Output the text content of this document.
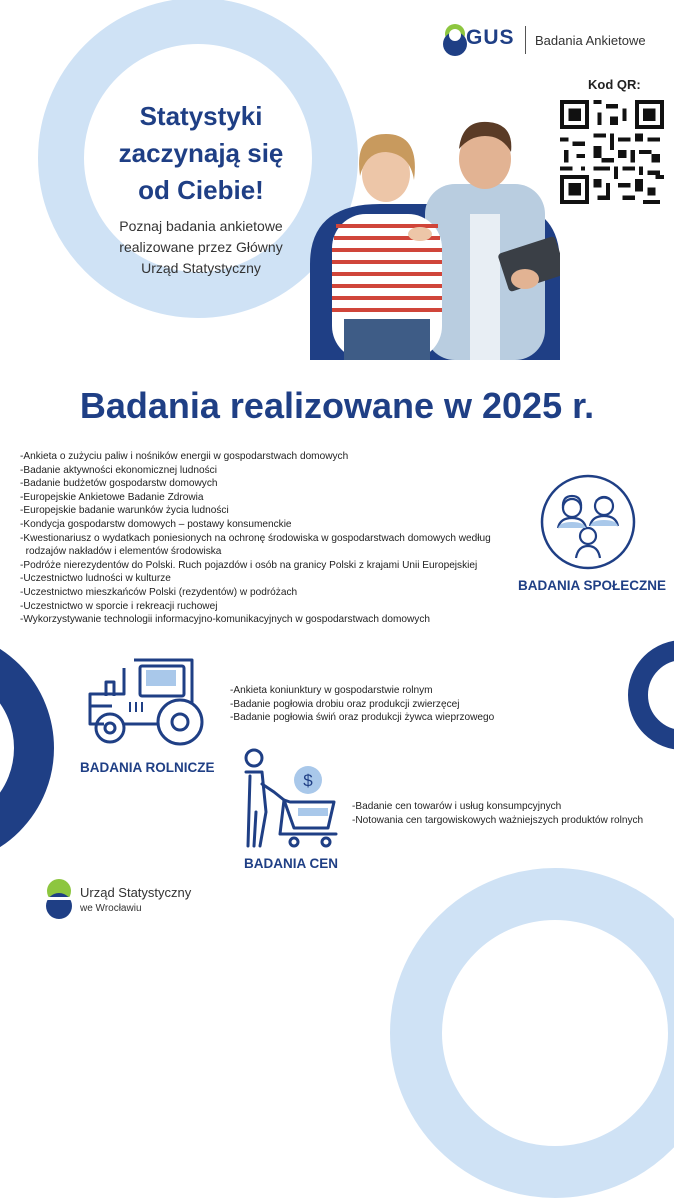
GUS Badania Ankietowe
Kod QR:
Statystyki
zaczynają się
od Ciebie!
Poznaj badania ankietowe
realizowane przez Główny
Urząd Statystyczny
Badania realizowane w 2025 r.
-Ankieta o zużyciu paliw i nośników energii w gospodarstwach domowych
-Badanie aktywności ekonomicznej ludności
-Badanie budżetów gospodarstw domowych
-Europejskie Ankietowe Badanie Zdrowia
-Europejskie badanie warunków życia ludności
-Kondycja gospodarstw domowych – postawy konsumenckie
-Kwestionariusz o wydatkach poniesionych na ochronę środowiska w gospodarstwach domowych według
rodzajów nakładów i elementów środowiska
-Podróże nierezydentów do Polski. Ruch pojazdów i osób na granicy Polski z krajami Unii Europejskiej
-Uczestnictwo ludności w kulturze
-Uczestnictwo mieszkańców Polski (rezydentów) w podróżach
-Uczestnictwo w sporcie i rekreacji ruchowej
-Wykorzystywanie technologii informacyjno-komunikacyjnych w gospodarstwach domowych
BADANIA SPOŁECZNE
BADANIA ROLNICZE
-Ankieta koniunktury w gospodarstwie rolnym
-Badanie pogłowia drobiu oraz produkcji zwierzęcej
-Badanie pogłowia świń oraz produkcji żywca wieprzowego
$
BADANIA CEN
-Badanie cen towarów i usług konsumpcyjnych
-Notowania cen targowiskowych ważniejszych produktów rolnych
Urząd Statystyczny
we Wrocławiu
